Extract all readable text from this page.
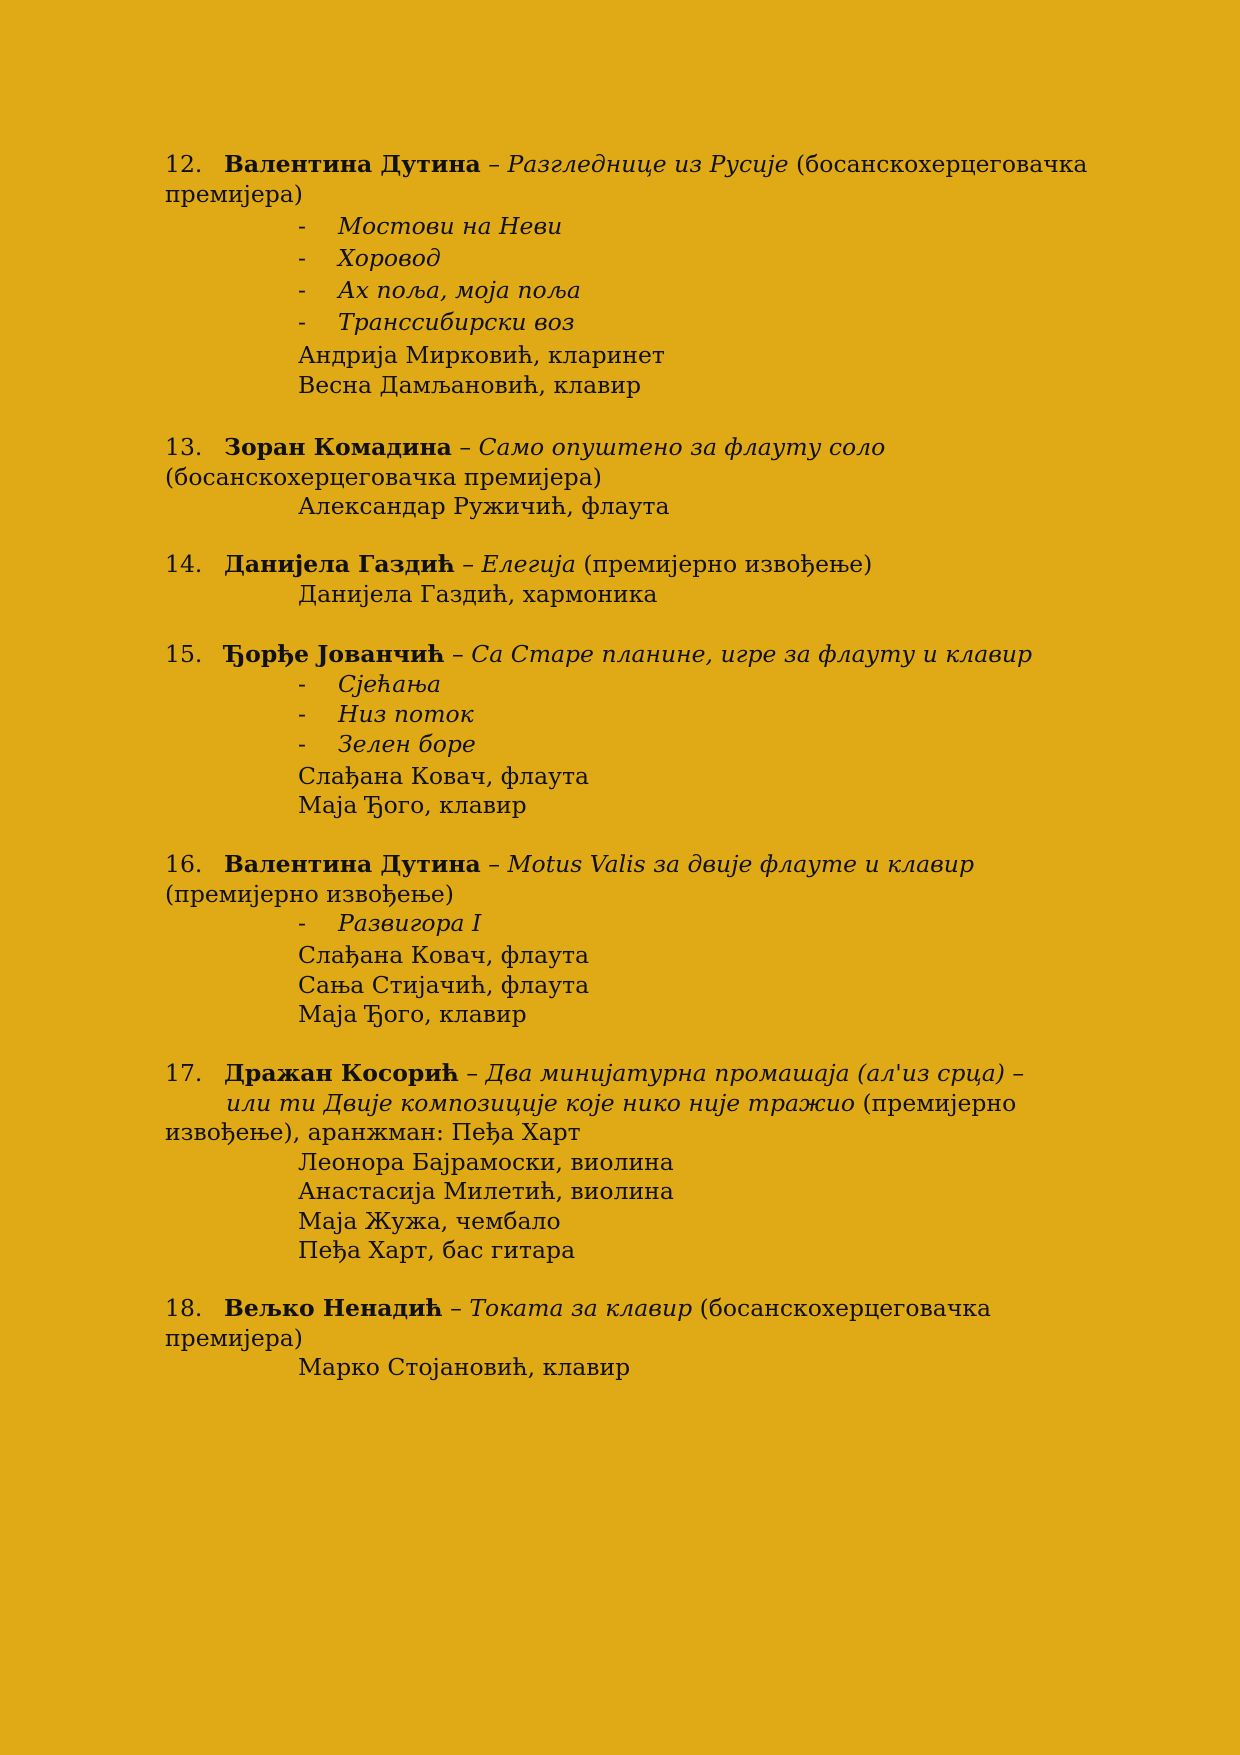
12. Валентина Дутина – Разгледнице из Русије (босанскохерцеговачка
премијера)
-	Мостови на Неви
-	Хоровод
-	Ах поља, моја поља
-	Транссибирски воз
Андрија Мирковић, кларинет
Весна Дамљановић, клавир
13. Зоран Комадина – Само опуштено за флауту соло
(босанскохерцеговачка премијера)
Александар Ружичић, флаута
14. Данијела Газдић – Елегија (премијерно извођење)
Данијела Газдић, хармоника
15. Ђорђе Јованчић – Са Старе планине, игре за флауту и клавир
-	Сјећања
-	Низ поток
-	Зелен боре
Слађана Ковач, флаута
Маја Ђого, клавир
16. Валентина Дутина – Motus Valis за двије флауте и клавир
(премијерно извођење)
-	Развигора I
Слађана Ковач, флаута
Сања Стијачић, флаута
Маја Ђого, клавир
17. Дражан Косорић – Два минијатурна промашаја (ал'из срца) –
или ти Двије композиције које нико није тражио (премијерно
извођење), аранжман: Пеђа Харт
Леонора Бајрамоски, виолина
Анастасија Милетић, виолина
Маја Жужа, чембало
Пеђа Харт, бас гитара
18. Вељко Ненадић – Токата за клавир (босанскохерцеговачка
премијера)
Марко Стојановић, клавир
